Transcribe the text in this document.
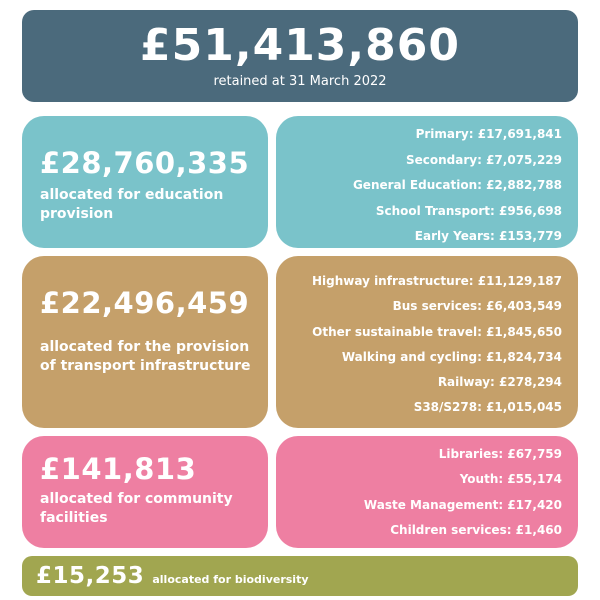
£51,413,860
retained at 31 March 2022
£28,760,335
allocated for education provision
Primary: £17,691,841
Secondary: £7,075,229
General Education: £2,882,788
School Transport: £956,698
Early Years: £153,779
£22,496,459
allocated for the provision of transport infrastructure
Highway infrastructure: £11,129,187
Bus services: £6,403,549
Other sustainable travel: £1,845,650
Walking and cycling: £1,824,734
Railway: £278,294
S38/S278: £1,015,045
£141,813
allocated for community facilities
Libraries: £67,759
Youth: £55,174
Waste Management: £17,420
Children services: £1,460
£15,253 allocated for biodiversity
